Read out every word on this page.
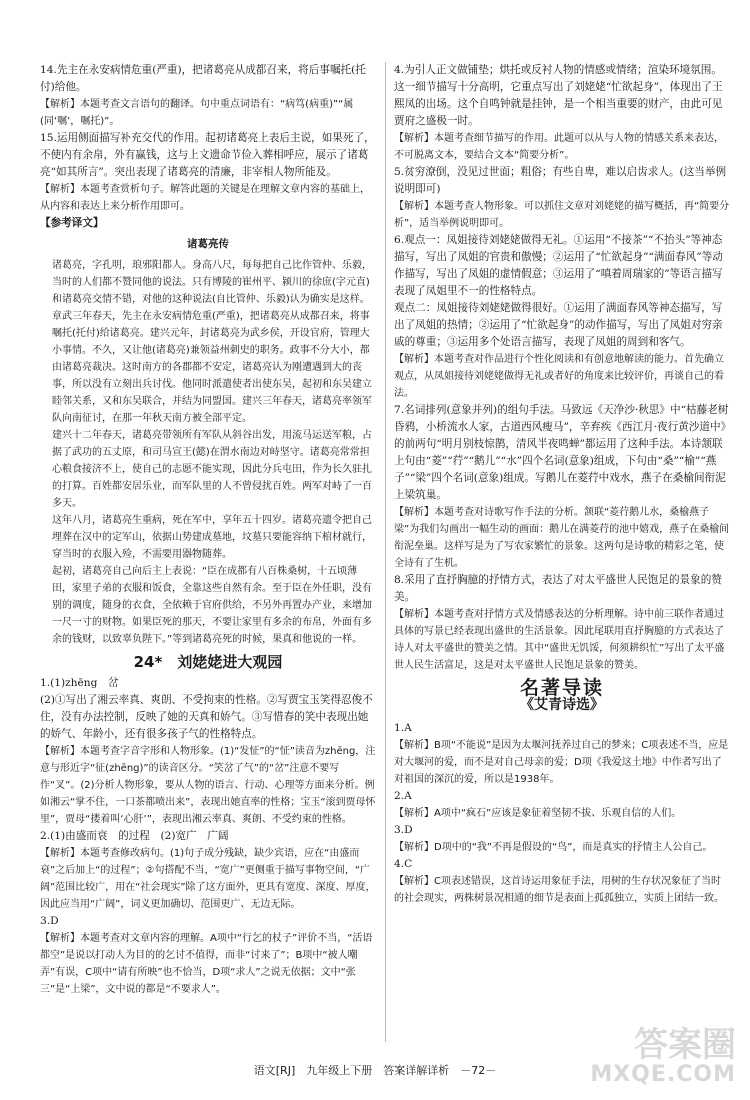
14.先主在永安病情危重(严重)，把诸葛亮从成都召来，将后事嘱托(托付)给他。

【解析】本题考查文言语句的翻译。句中重点词语有：“病笃(病重)”“属(同‘嘱’，嘱托)”。

15.运用侧面描写补充交代的作用。起初诸葛亮上表后主说，如果死了，不使内有余帛，外有赢钱，这与上文遗命节俭入葬相呼应，展示了诸葛亮“如其所言”。突出表现了诸葛亮的清廉，非宰相人物所能及。

【解析】本题考查赏析句子。解答此题的关键是在理解文章内容的基础上，从内容和表达上来分析作用即可。

【参考译文】

诸葛亮传

诸葛亮，字孔明，琅邪阳都人。身高八尺，每每把自己比作管仲、乐毅，当时的人们都不赞同他的说法。只有博陵的崔州平、颍川的徐庶(字元直)和诸葛亮交情不错，对他的这种说法(自比管仲、乐毅)认为确实是这样。

章武三年春天，先主在永安病情危重(严重)，把诸葛亮从成都召来，将事嘱托(托付)给诸葛亮。建兴元年，封诸葛亮为武乡侯，开设官府，管理大小事情。不久，又让他(诸葛亮)兼领益州刺史的职务。政事不分大小，都由诸葛亮裁决。这时南方的各郡都不安定，诸葛亮认为刚遭遇到大的丧事，所以没有立刻出兵讨伐。他同时派遣使者出使东吴，起初和东吴建立睦邻关系，又和东吴联合，并结为同盟国。建兴三年春天，诸葛亮率领军队向南征讨，在那一年秋天南方被全部平定。

建兴十二年春天，诸葛亮带领所有军队从斜谷出发，用流马运送军粮，占据了武功的五丈原，和司马宣王(懿)在渭水南边对峙坚守。诸葛亮常常担心粮食接济不上，使自己的志愿不能实现，因此分兵屯田，作为长久驻扎的打算。百姓都安居乐业，而军队里的人不曾侵扰百姓。两军对峙了一百多天。

这年八月，诸葛亮生重病，死在军中，享年五十四岁。诸葛亮遗令把自己埋葬在汉中的定军山，依据山势建成墓地，坟墓只要能容纳下棺材就行，穿当时的衣服入殓，不需要用器物随葬。

起初，诸葛亮自己向后主上表说：“臣在成都有八百株桑树，十五顷薄田，家里子弟的衣服和饭食，全靠这些自然有余。至于臣在外任职，没有别的调度，随身的衣食，全依赖于官府供给，不另外再置办产业，来增加一尺一寸的财物。如果臣死的那天，不要让家里有多余的布帛，外面有多余的钱财，以致辜负陛下。”等到诸葛亮死的时候，果真和他说的一样。

24*　刘姥姥进大观园

1.(1)zhēng　岔

(2)①写出了湘云率真、爽朗、不受拘束的性格。②写贾宝玉笑得忍俊不住，没有办法控制，反映了她的天真和娇气。③写惜春的笑中表现出她的娇气、年龄小，还有很多孩子气的性格特点。

【解析】本题考查字音字形和人物形象。(1)“发怔”的“怔”读音为zhēng，注意与形近字“征(zhēng)”的读音区分。“笑岔了气”的“岔”注意不要写作“叉”。(2)分析人物形象，要从人物的语言、行动、心理等方面来分析。例如湘云“掌不住，一口茶都喷出来”，表现出她直率的性格；宝玉“滚到贾母怀里”，贾母“搂着叫‘心肝’”，表现出湘云率真、爽朗、不受约束的性格。

2.(1)由盛而衰　的过程　(2)宽广　广阔

【解析】本题考查修改病句。(1)句子成分残缺，缺少宾语，应在“由盛而衰”之后加上“的过程”；②句搭配不当，“宽广”更侧重于描写事物空间，“广阔”范围比较广，用在“社会现实”除了这方面外，更具有宽度、深度、厚度，因此应当用“广阔”，词义更加确切、范围更广、无边无际。

3.D

【解析】本题考查对文章内容的理解。A项中“行乞的杖子”评价不当，“活语都空”是说以打动人为目的的乞讨不值得，而非“讨来了”；B项中“被人嘲弄”有误，C项中“请有所映”也不恰当，D项“求人”之说无依据；文中“张三”是“上梁”，文中说的都是“不要求人”。

4.为引人正文做铺垫；烘托或反衬人物的情感或情绪；渲染环境氛围。这一细节描写十分高明，它重点写出了刘姥姥“忙欲起身”，体现出了王熙凤的出场。这个自鸣钟就是挂钟，是一个相当重要的财产，由此可见贾府之盛极一时。

【解析】本题考查细节描写的作用。此题可以从与人物的情感关系来表达，不可脱离文本，要结合文本“简要分析”。

5.贫穷潦倒，没见过世面；粗俗；有些自卑，难以启齿求人。(这当举例说明即可)

【解析】本题考查人物形象。可以抓住文章对刘姥姥的描写概括，再“简要分析”，适当举例说明即可。

6.观点一：凤姐接待刘姥姥做得无礼。①运用“不接茶”“不抬头”等神态描写，写出了凤姐的官贵和傲慢；②运用了“忙欲起身”“满面春风”等动作描写，写出了凤姐的虚情假意；③运用了“嗔着周瑞家的”等语言描写表现了凤姐里不一的性格特点。

观点二：凤姐接待刘姥姥做得很好。①运用了满面春风等神态描写，写出了凤姐的热情；②运用了“忙欲起身”的动作描写，写出了凤姐对穷亲戚的尊重；③运用多个处语言描写，表现了凤姐的周到和客气。

【解析】本题考查对作品进行个性化阅读和有创意地解读的能力。首先确立观点，从凤姐接待刘姥姥做得无礼或者好的角度来比较评价，再谈自己的看法。

7.名词排列(意象并列)的组句手法。马致远《天净沙·秋思》中“枯藤老树昏鸦，小桥流水人家，古道西风瘦马”，辛弃疾《西江月·夜行黄沙道中》的前两句“明月别枝惊鹊，清风半夜鸣蝉”都运用了这种手法。本诗颔联上句由“菱”“荇”“鹅儿”“水”四个名词(意象)组成，下句由“桑”“榆”“燕子”“梁”四个名词(意象)组成。写鹅儿在菱荇中戏水，燕子在桑榆间衔泥上梁筑巢。

【解析】本题考查对诗歌写作手法的分析。颔联“菱荇鹅儿水，桑榆燕子梁”为我们勾画出一幅生动的画面：鹅儿在满菱荇的池中嬉戏，燕子在桑榆间衔泥垒巢。这样写是为了写农家繁忙的景象。这两句是诗歌的精彩之笔，使全诗有了生机。

8.采用了直抒胸臆的抒情方式，表达了对太平盛世人民饱足的景象的赞美。

【解析】本题考查对抒情方式及情感表达的分析理解。诗中前三联作者通过具体的写景已经表现出盛世的生活景象。因此尾联用直抒胸臆的方式表达了诗人对太平盛世的赞美之情。其中“盛世无饥馁，何须耕织忙”写出了太平盛世人民生活富足，这是对太平盛世人民饱足景象的赞美。

名著导读
《艾青诗选》

1.A

【解析】B项“不能说”是因为太堰河抚养过自己的梦来；C项表述不当，应是对大堰河的爱，而不是对自己母亲的爱；D项《我爱这土地》中作者写出了对祖国的深沉的爱，所以是1938年。

2.A

【解析】A项中“疯石”应该是象征着坚韧不拔、乐观自信的人们。

3.D

【解析】D项中的“我”不再是假设的“鸟”，而是真实的抒情主人公自己。

4.C

【解析】C项表述错误，这首诗运用象征手法，用树的生存状况象征了当时的社会现实，两株树景况相通的细节是表面上孤孤独立，实质上团结一致。

语文[RJ]　九年级上下册　答案详解详析　－72－
答案圈
MXQE.COM
